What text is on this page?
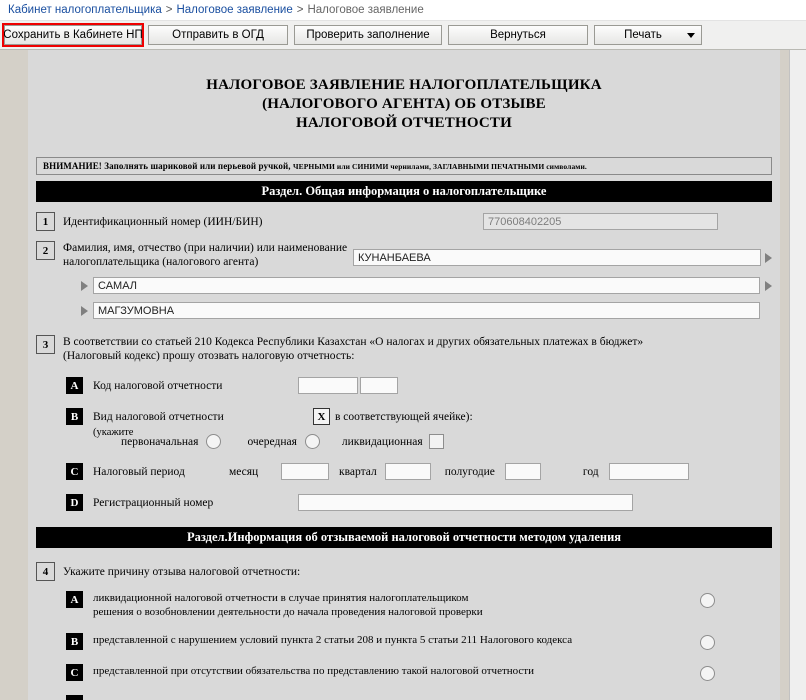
Кабинет налогоплательщика > Налоговое заявление > Налоговое заявление
Сохранить в Кабинете НП	Отправить в ОГД	Проверить заполнение	Вернуться	Печать
НАЛОГОВОЕ ЗАЯВЛЕНИЕ НАЛОГОПЛАТЕЛЬЩИКА
(НАЛОГОВОГО АГЕНТА) ОБ ОТЗЫВЕ
НАЛОГОВОЙ ОТЧЕТНОСТИ
ВНИМАНИЕ! Заполнять шариковой или перьевой ручкой, ЧЕРНЫМИ или СИНИМИ чернилами, ЗАГЛАВНЫМИ ПЕЧАТНЫМИ символами.
Раздел. Общая информация о налогоплательщике
1	Идентификационный номер (ИИН/БИН)
770608402205
2	Фамилия, имя, отчество (при наличии) или наименование
налогоплательщика (налогового агента)
КУНАНБАЕВА
САМАЛ
МАГЗУМОВНА
3	В соответствии со статьей 210 Кодекса Республики Казахстан «О налогах и других обязательных платежах в бюджет»
(Налоговый кодекс) прошу отозвать налоговую отчетность:
A	Код налоговой отчетности
B	Вид налоговой отчетности	X в соответствующей ячейке):
(укажите
первоначальная	очередная	ликвидационная
C	Налоговый период	месяц	квартал	полугодие	год
D	Регистрационный номер
Раздел.Информация об отзываемой налоговой отчетности методом удаления
4	Укажите причину отзыва налоговой отчетности:
A	ликвидационной налоговой отчетности в случае принятия налогоплательщиком
решения о возобновлении деятельности до начала проведения налоговой проверки
B	представленной с нарушением условий пункта 2 статьи 208 и пункта 5 статьи 211 Налогового кодекса
C	представленной при отсутствии обязательства по представлению такой налоговой отчетности
